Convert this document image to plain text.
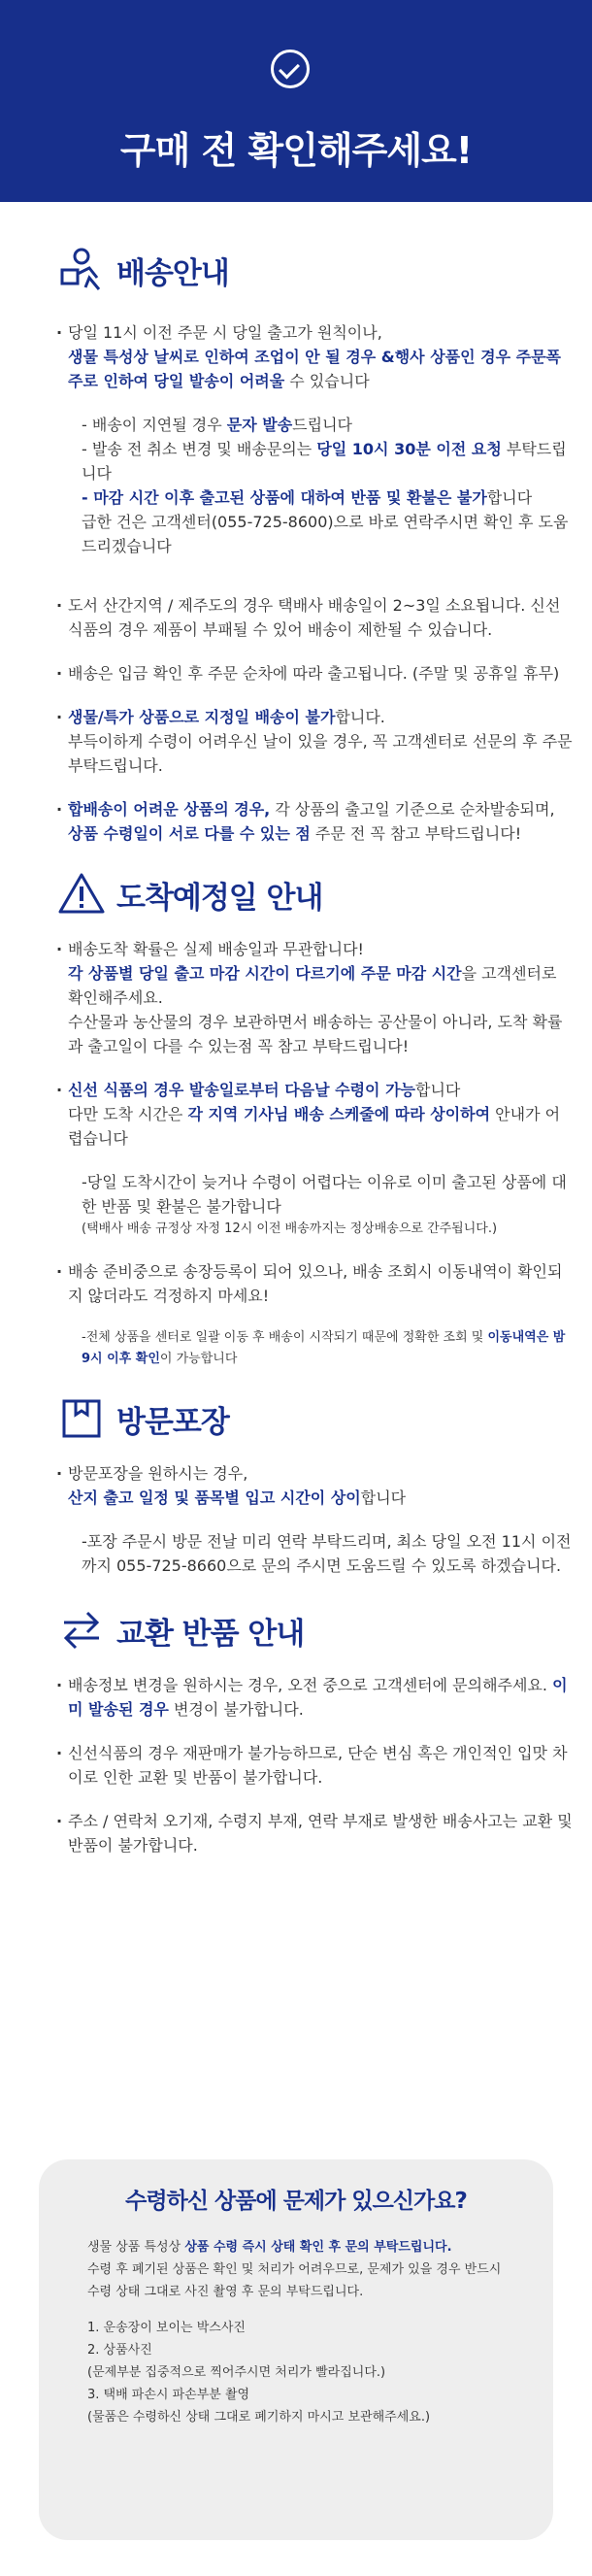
구매 전 확인해주세요!
배송안내
· 당일 11시 이전 주문 시 당일 출고가 원칙이나,
생물 특성상 날씨로 인하여 조업이 안 될 경우 &행사 상품인 경우 주문폭주로 인하여 당일 발송이 어려울 수 있습니다
- 배송이 지연될 경우 문자 발송드립니다
- 발송 전 취소 변경 및 배송문의는 당일 10시 30분 이전 요청 부탁드립니다
- 마감 시간 이후 출고된 상품에 대하여 반품 및 환불은 불가합니다
급한 건은 고객센터(055-725-8600)으로 바로 연락주시면 확인 후 도움드리겠습니다
· 도서 산간지역 / 제주도의 경우 택배사 배송일이 2~3일 소요됩니다. 신선식품의 경우 제품이 부패될 수 있어 배송이 제한될 수 있습니다.
· 배송은 입금 확인 후 주문 순차에 따라 출고됩니다. (주말 및 공휴일 휴무)
· 생물/특가 상품으로 지정일 배송이 불가합니다.
부득이하게 수령이 어려우신 날이 있을 경우, 꼭 고객센터로 선문의 후 주문 부탁드립니다.
· 합배송이 어려운 상품의 경우, 각 상품의 출고일 기준으로 순차발송되며, 상품 수령일이 서로 다를 수 있는 점 주문 전 꼭 참고 부탁드립니다!
도착예정일 안내
· 배송도착 확률은 실제 배송일과 무관합니다!
각 상품별 당일 출고 마감 시간이 다르기에 주문 마감 시간을 고객센터로 확인해주세요.
수산물과 농산물의 경우 보관하면서 배송하는 공산물이 아니라, 도착 확률과 출고일이 다를 수 있는점 꼭 참고 부탁드립니다!
· 신선 식품의 경우 발송일로부터 다음날 수령이 가능합니다
다만 도착 시간은 각 지역 기사님 배송 스케줄에 따라 상이하여 안내가 어렵습니다
-당일 도착시간이 늦거나 수령이 어렵다는 이유로 이미 출고된 상품에 대한 반품 및 환불은 불가합니다
(택배사 배송 규정상 자정 12시 이전 배송까지는 정상배송으로 간주됩니다.)
· 배송 준비중으로 송장등록이 되어 있으나, 배송 조회시 이동내역이 확인되지 않더라도 걱정하지 마세요!
-전체 상품을 센터로 일괄 이동 후 배송이 시작되기 때문에 정확한 조회 및 이동내역은 밤 9시 이후 확인이 가능합니다
방문포장
· 방문포장을 원하시는 경우,
산지 출고 일정 및 품목별 입고 시간이 상이합니다
-포장 주문시 방문 전날 미리 연락 부탁드리며, 최소 당일 오전 11시 이전까지 055-725-8660으로 문의 주시면 도움드릴 수 있도록 하겠습니다.
교환 반품 안내
· 배송정보 변경을 원하시는 경우, 오전 중으로 고객센터에 문의해주세요. 이미 발송된 경우 변경이 불가합니다.
· 신선식품의 경우 재판매가 불가능하므로, 단순 변심 혹은 개인적인 입맛 차이로 인한 교환 및 반품이 불가합니다.
· 주소 / 연락처 오기재, 수령지 부재, 연락 부재로 발생한 배송사고는 교환 및 반품이 불가합니다.
수령하신 상품에 문제가 있으신가요?
생물 상품 특성상 상품 수령 즉시 상태 확인 후 문의 부탁드립니다.
수령 후 폐기된 상품은 확인 및 처리가 어려우므로, 문제가 있을 경우 반드시 수령 상태 그대로 사진 촬영 후 문의 부탁드립니다.
1. 운송장이 보이는 박스사진
2. 상품사진
(문제부분 집중적으로 찍어주시면 처리가 빨라집니다.)
3. 택배 파손시 파손부분 촬영
(물품은 수령하신 상태 그대로 폐기하지 마시고 보관해주세요.)
